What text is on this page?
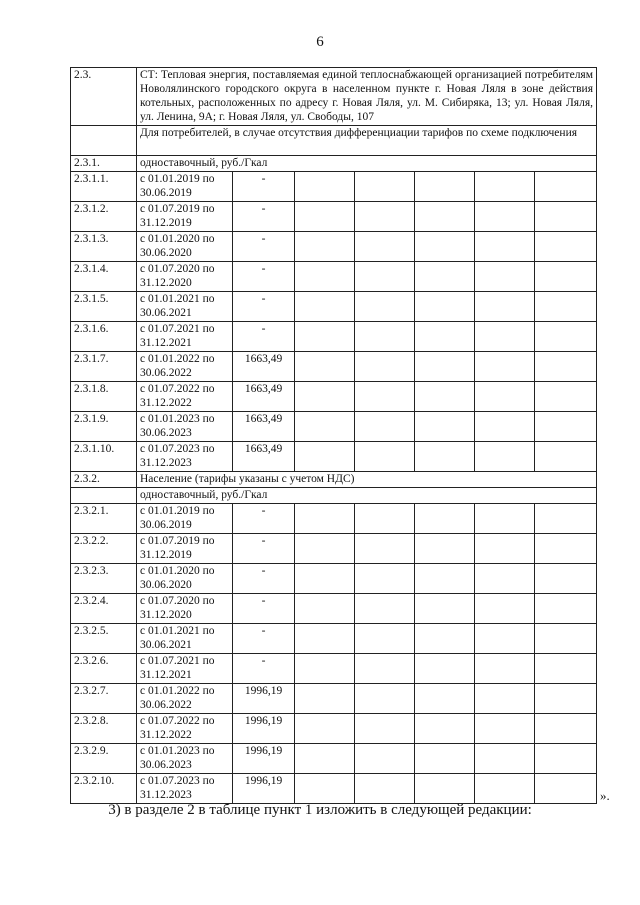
6
2.3.	СТ: Тепловая энергия, поставляемая единой теплоснабжающей организацией потребителям Новолялинского городского округа в населенном пункте г. Новая Ляля в зоне действия котельных, расположенных по адресу г. Новая Ляля, ул. М. Сибиряка, 13; ул. Новая Ляля, ул. Ленина, 9А; г. Новая Ляля, ул. Свободы, 107						
	Для потребителей, в случае отсутствия дифференциации тарифов по схеме подключения						
2.3.1.	одноставочный, руб./Гкал						
2.3.1.1.	с 01.01.2019 по 30.06.2019	-					
2.3.1.2.	с 01.07.2019 по 31.12.2019	-					
2.3.1.3.	с 01.01.2020 по 30.06.2020	-					
2.3.1.4.	с 01.07.2020 по 31.12.2020	-					
2.3.1.5.	с 01.01.2021 по 30.06.2021	-					
2.3.1.6.	с 01.07.2021 по 31.12.2021	-					
2.3.1.7.	с 01.01.2022 по 30.06.2022	1663,49					
2.3.1.8.	с 01.07.2022 по 31.12.2022	1663,49					
2.3.1.9.	с 01.01.2023 по 30.06.2023	1663,49					
2.3.1.10.	с 01.07.2023 по 31.12.2023	1663,49					
2.3.2.	Население (тарифы указаны с учетом НДС)						
	одноставочный, руб./Гкал						
2.3.2.1.	с 01.01.2019 по 30.06.2019	-					
2.3.2.2.	с 01.07.2019 по 31.12.2019	-					
2.3.2.3.	с 01.01.2020 по 30.06.2020	-					
2.3.2.4.	с 01.07.2020 по 31.12.2020	-					
2.3.2.5.	с 01.01.2021 по 30.06.2021	-					
2.3.2.6.	с 01.07.2021 по 31.12.2021	-					
2.3.2.7.	с 01.01.2022 по 30.06.2022	1996,19					
2.3.2.8.	с 01.07.2022 по 31.12.2022	1996,19					
2.3.2.9.	с 01.01.2023 по 30.06.2023	1996,19					
2.3.2.10.	с 01.07.2023 по 31.12.2023	1996,19					
».
3) в разделе 2 в таблице пункт 1 изложить в следующей редакции:
